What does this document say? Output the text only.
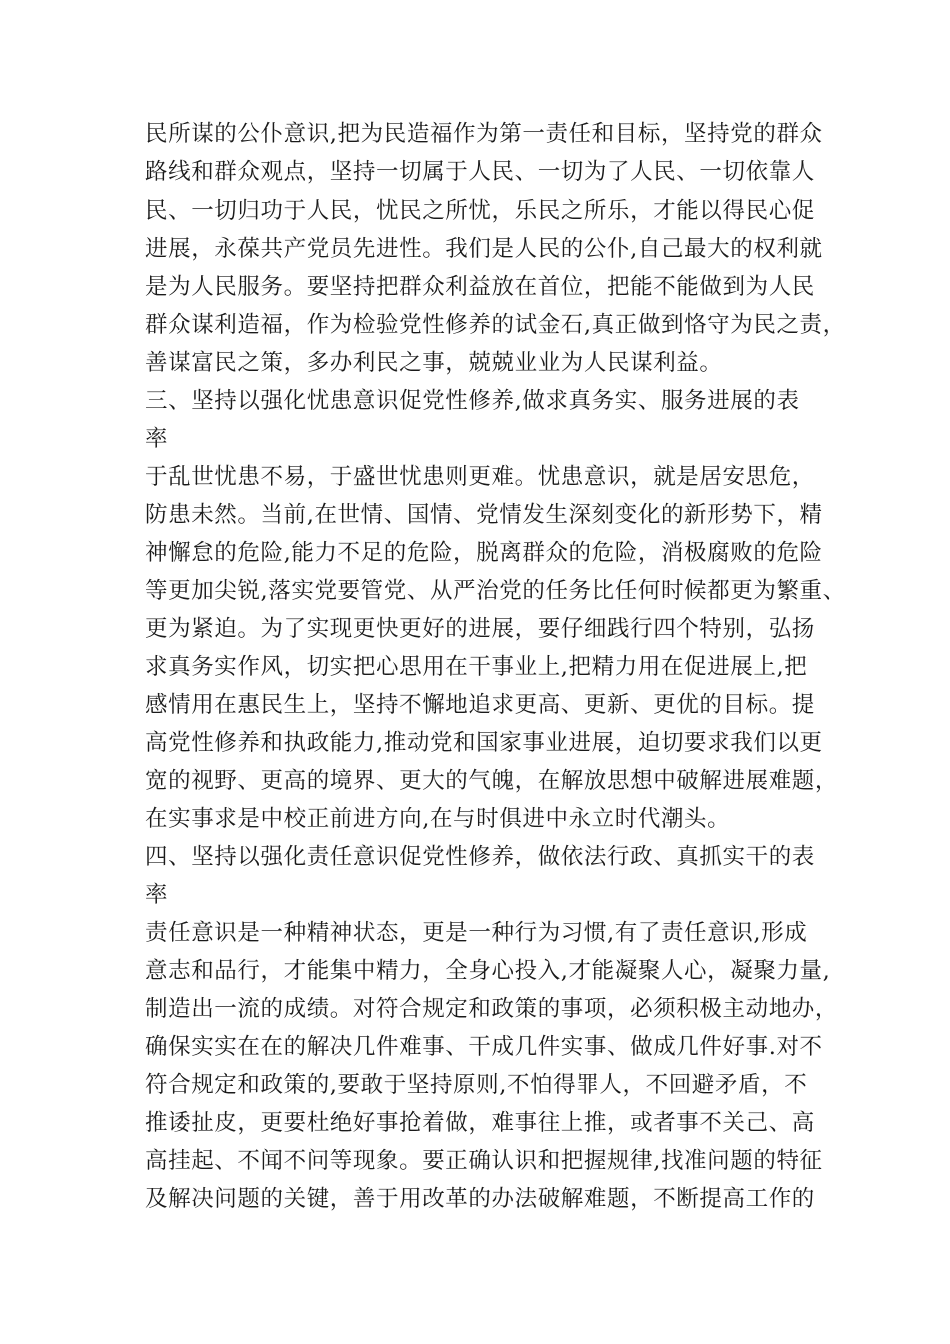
民所谋的公仆意识,把为民造福作为第一责任和目标，坚持党的群众
路线和群众观点，坚持一切属于人民、一切为了人民、一切依靠人
民、一切归功于人民，忧民之所忧，乐民之所乐，才能以得民心促
进展，永葆共产党员先进性。我们是人民的公仆,自己最大的权利就
是为人民服务。要坚持把群众利益放在首位，把能不能做到为人民
群众谋利造福，作为检验党性修养的试金石,真正做到恪守为民之责，
善谋富民之策，多办利民之事，兢兢业业为人民谋利益。
三、坚持以强化忧患意识促党性修养,做求真务实、服务进展的表
率
于乱世忧患不易，于盛世忧患则更难。忧患意识，就是居安思危，
防患未然。当前,在世情、国情、党情发生深刻变化的新形势下，精
神懈怠的危险,能力不足的危险，脱离群众的危险，消极腐败的危险
等更加尖锐,落实党要管党、从严治党的任务比任何时候都更为繁重、
更为紧迫。为了实现更快更好的进展，要仔细践行四个特别，弘扬
求真务实作风，切实把心思用在干事业上,把精力用在促进展上,把
感情用在惠民生上，坚持不懈地追求更高、更新、更优的目标。提
高党性修养和执政能力,推动党和国家事业进展，迫切要求我们以更
宽的视野、更高的境界、更大的气魄，在解放思想中破解进展难题，
在实事求是中校正前进方向,在与时俱进中永立时代潮头。
四、坚持以强化责任意识促党性修养，做依法行政、真抓实干的表
率
责任意识是一种精神状态，更是一种行为习惯,有了责任意识,形成
意志和品行，才能集中精力，全身心投入,才能凝聚人心，凝聚力量,
制造出一流的成绩。对符合规定和政策的事项，必须积极主动地办，
确保实实在在的解决几件难事、干成几件实事、做成几件好事.对不
符合规定和政策的,要敢于坚持原则,不怕得罪人，不回避矛盾，不
推诿扯皮，更要杜绝好事抢着做，难事往上推，或者事不关己、高
高挂起、不闻不问等现象。要正确认识和把握规律,找准问题的特征
及解决问题的关键，善于用改革的办法破解难题，不断提高工作的
